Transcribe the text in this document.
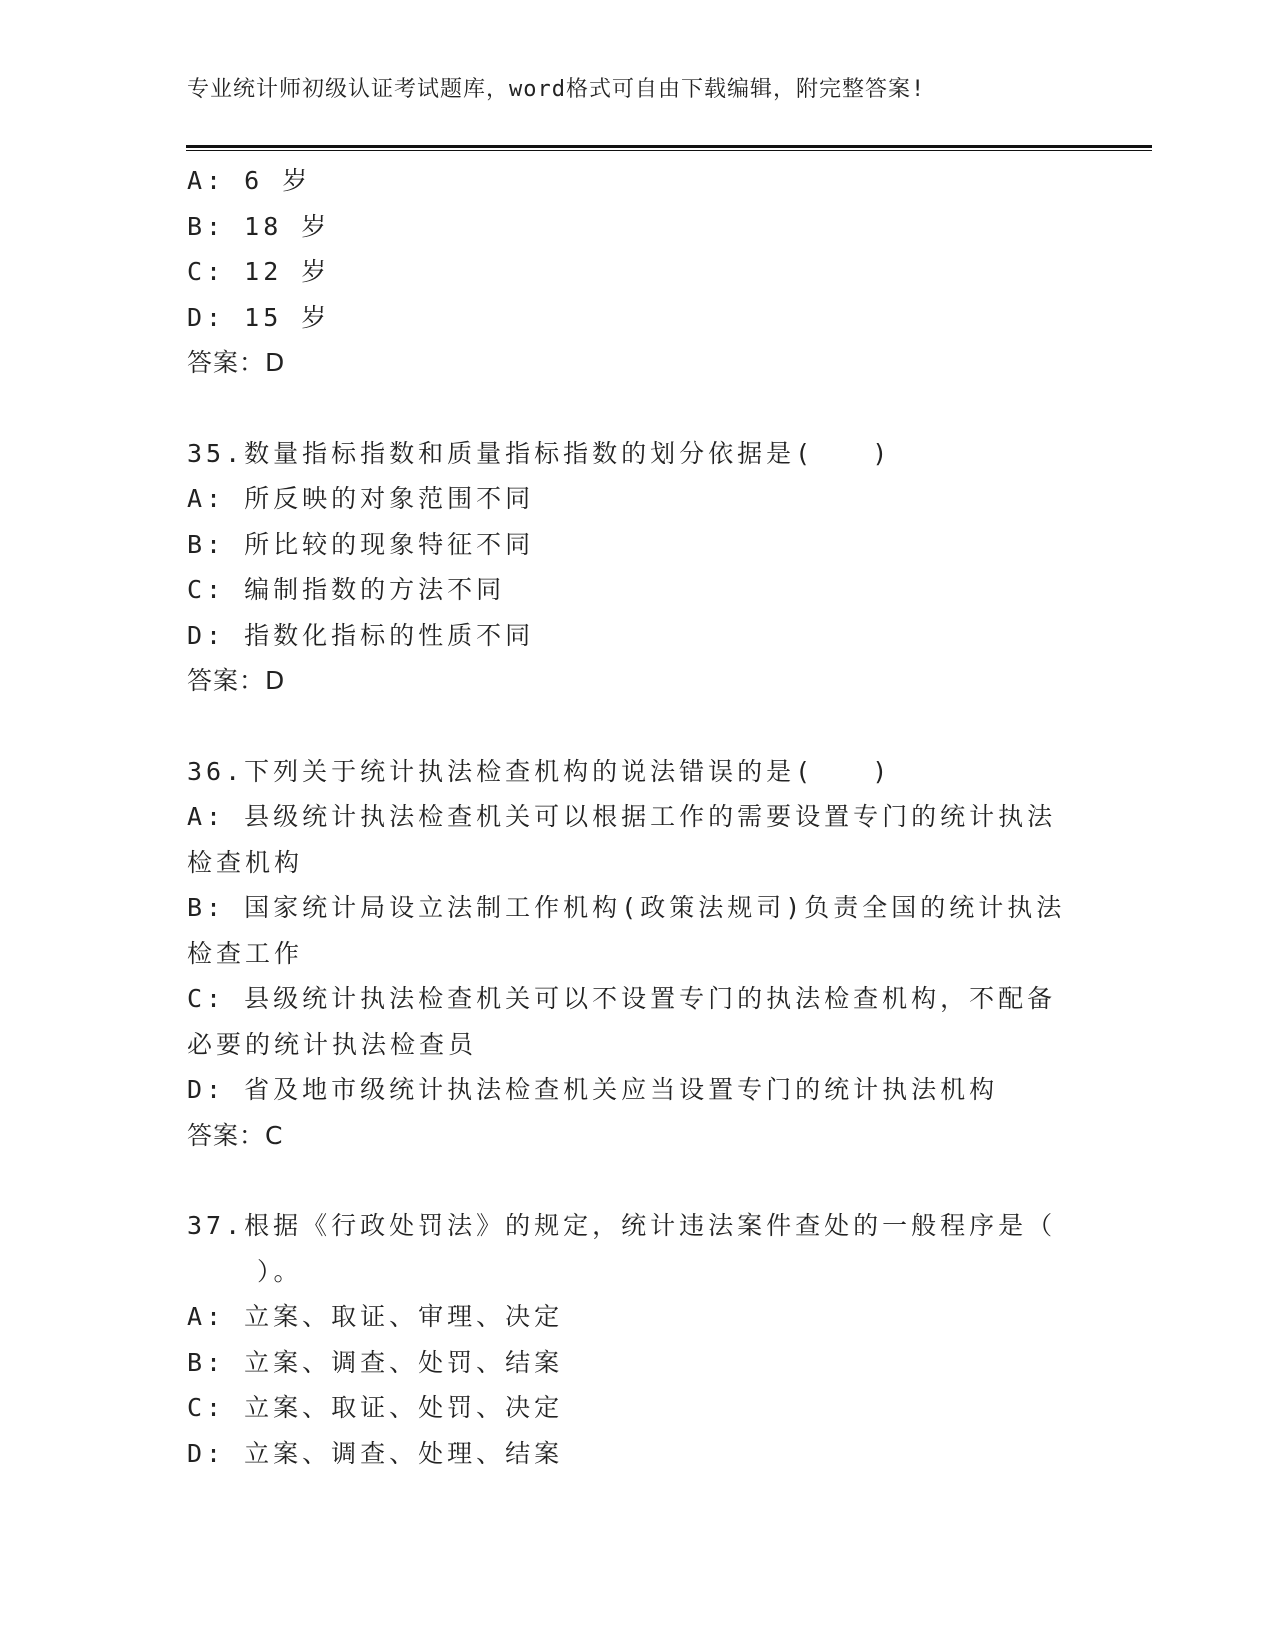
专业统计师初级认证考试题库，word格式可自由下载编辑，附完整答案!
A: 6 岁
B: 18 岁
C: 12 岁
D: 15 岁
答案：D
35.数量指标指数和质量指标指数的划分依据是(　　)
A: 所反映的对象范围不同
B: 所比较的现象特征不同
C: 编制指数的方法不同
D: 指数化指标的性质不同
答案：D
36.下列关于统计执法检查机构的说法错误的是(　　)
A: 县级统计执法检查机关可以根据工作的需要设置专门的统计执法检查机构
B: 国家统计局设立法制工作机构(政策法规司)负责全国的统计执法检查工作
C: 县级统计执法检查机关可以不设置专门的执法检查机构，不配备必要的统计执法检查员
D: 省及地市级统计执法检查机关应当设置专门的统计执法机构
答案：C
37.根据《行政处罚法》的规定，统计违法案件查处的一般程序是（
）。
A: 立案、取证、审理、决定
B: 立案、调查、处罚、结案
C: 立案、取证、处罚、决定
D: 立案、调查、处理、结案
